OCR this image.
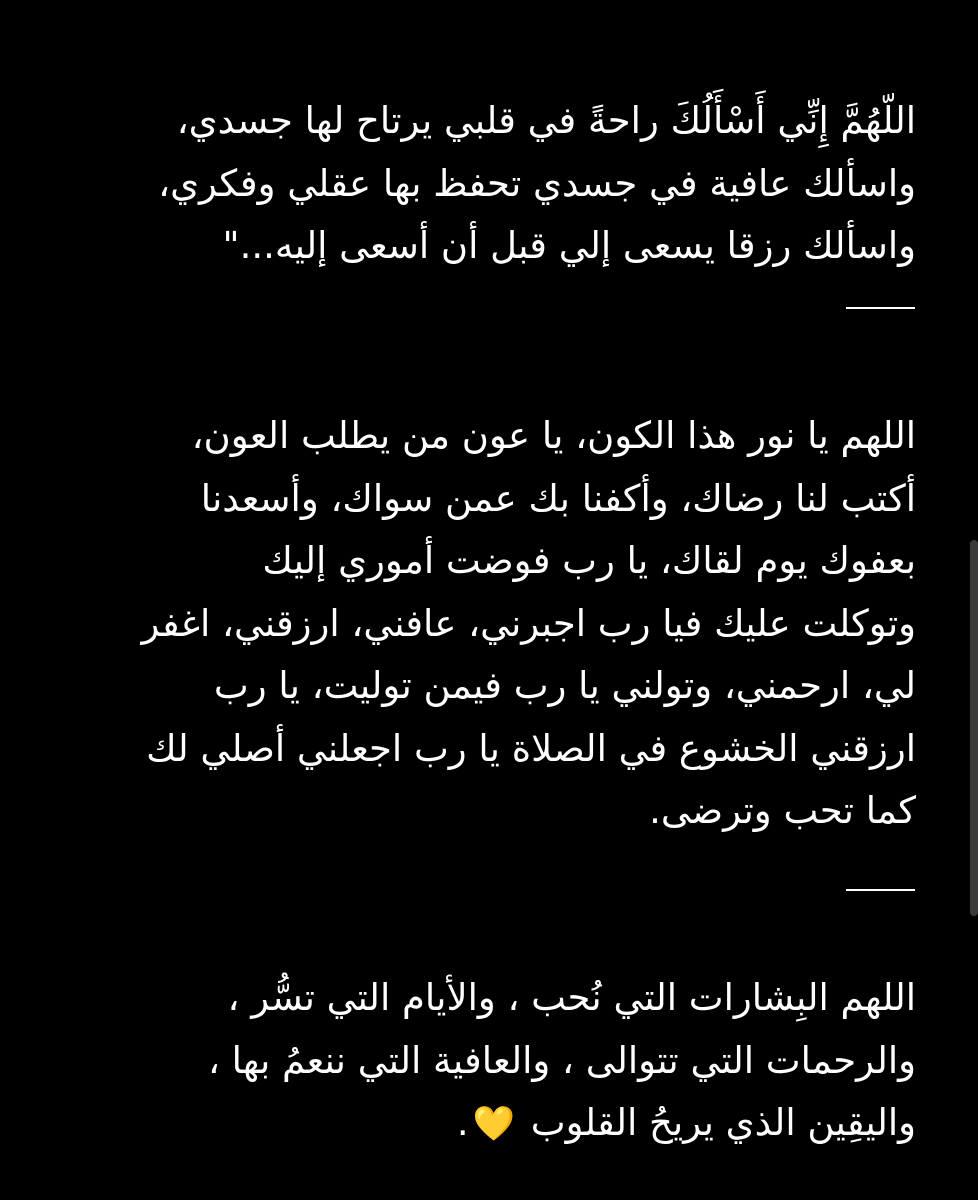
اللّهُمَّ إِنِّي أَسْأَلُكَ راحةً في قلبي يرتاح لها جسدي،
واسألك عافية في جسدي تحفظ بها عقلي وفكري،
واسألك رزقا يسعى إلي قبل أن أسعى إليه..."
اللهم يا نور هذا الكون، يا عون من يطلب العون،
أكتب لنا رضاك، وأكفنا بك عمن سواك، وأسعدنا
بعفوك يوم لقاك، يا رب فوضت أموري إليك
وتوكلت عليك فيا رب اجبرني، عافني، ارزقني، اغفر
لي، ارحمني، وتولني يا رب فيمن توليت، يا رب
ارزقني الخشوع في الصلاة يا رب اجعلني أصلي لك
كما تحب وترضى.
اللهم البِشارات التي نُحب ، والأيام التي تسُّر ،
والرحمات التي تتوالى ، والعافية التي ننعمُ بها ،
واليقِين الذي يريحُ القلوب 💛.
